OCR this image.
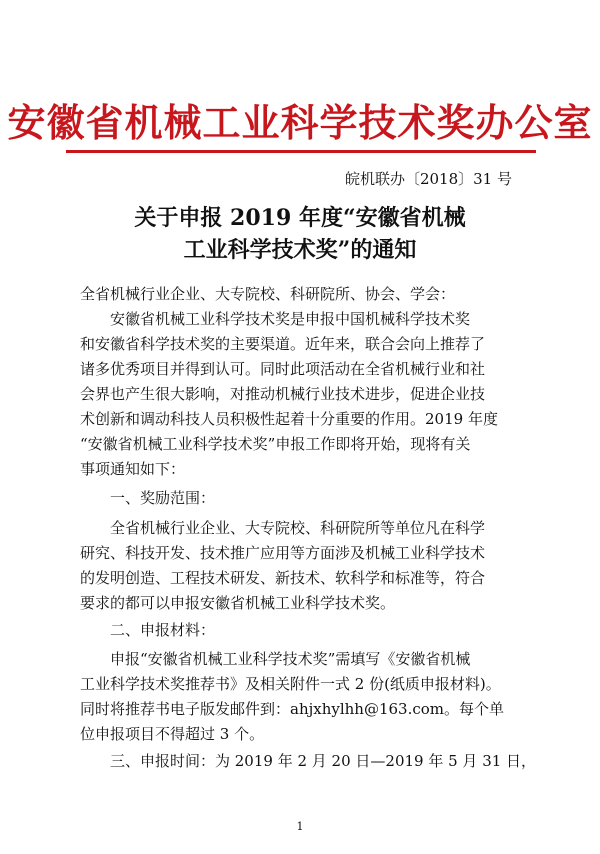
安徽省机械工业科学技术奖办公室
皖机联办〔2018〕31 号
关于申报 2019 年度“安徽省机械
工业科学技术奖”的通知
全省机械行业企业、大专院校、科研院所、协会、学会：
安徽省机械工业科学技术奖是申报中国机械科学技术奖
和安徽省科学技术奖的主要渠道。近年来，联合会向上推荐了
诸多优秀项目并得到认可。同时此项活动在全省机械行业和社
会界也产生很大影响，对推动机械行业技术进步，促进企业技
术创新和调动科技人员积极性起着十分重要的作用。2019 年度
“安徽省机械工业科学技术奖”申报工作即将开始，现将有关
事项通知如下：
一、奖励范围：
全省机械行业企业、大专院校、科研院所等单位凡在科学
研究、科技开发、技术推广应用等方面涉及机械工业科学技术
的发明创造、工程技术研发、新技术、软科学和标准等，符合
要求的都可以申报安徽省机械工业科学技术奖。
二、申报材料：
申报“安徽省机械工业科学技术奖”需填写《安徽省机械
工业科学技术奖推荐书》及相关附件一式 2 份(纸质申报材料)。
同时将推荐书电子版发邮件到：ahjxhylhh@163.com。每个单
位申报项目不得超过 3 个。
三、申报时间：为 2019 年 2 月 20 日—2019 年 5 月 31 日，
1
